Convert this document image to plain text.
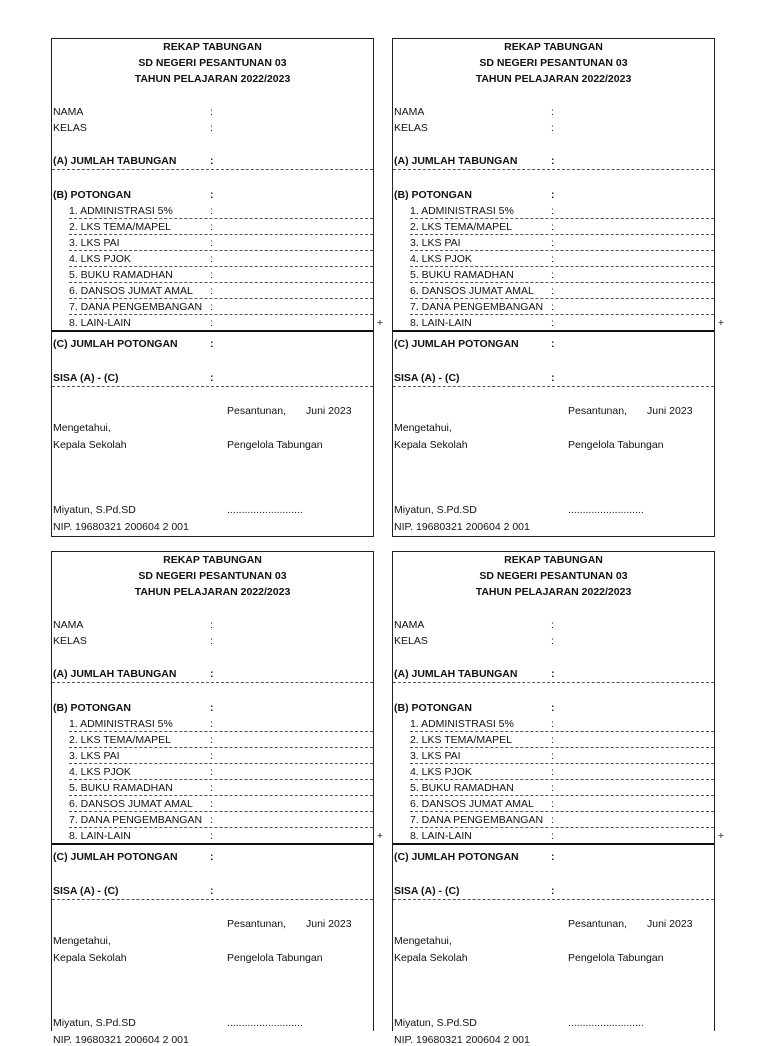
REKAP TABUNGAN
SD NEGERI PESANTUNAN 03
TAHUN PELAJARAN 2022/2023
NAMA	:
KELAS	:
(A) JUMLAH TABUNGAN	:
(B) POTONGAN	:
1. ADMINISTRASI 5%	:
2. LKS TEMA/MAPEL	:
3. LKS PAI	:
4. LKS PJOK	:
5. BUKU RAMADHAN	:
6. DANSOS JUMAT AMAL :
7. DANA PENGEMBANGAN :
8. LAIN-LAIN	:	+
(C) JUMLAH POTONGAN	:
SISA (A) - (C)	:
Pesantunan, Juni 2023
Mengetahui,
Kepala Sekolah	Pengelola Tabungan
Miyatun, S.Pd.SD	..........................
NIP. 19680321 200604 2 001
REKAP TABUNGAN
SD NEGERI PESANTUNAN 03
TAHUN PELAJARAN 2022/2023
NAMA	:
KELAS	:
(A) JUMLAH TABUNGAN	:
(B) POTONGAN	:
1. ADMINISTRASI 5%	:
2. LKS TEMA/MAPEL	:
3. LKS PAI	:
4. LKS PJOK	:
5. BUKU RAMADHAN	:
6. DANSOS JUMAT AMAL :
7. DANA PENGEMBANGAN :
8. LAIN-LAIN	:	+
(C) JUMLAH POTONGAN	:
SISA (A) - (C)	:
Pesantunan, Juni 2023
Mengetahui,
Kepala Sekolah	Pengelola Tabungan
Miyatun, S.Pd.SD	..........................
NIP. 19680321 200604 2 001
REKAP TABUNGAN
SD NEGERI PESANTUNAN 03
TAHUN PELAJARAN 2022/2023
NAMA	:
KELAS	:
(A) JUMLAH TABUNGAN	:
(B) POTONGAN	:
1. ADMINISTRASI 5%	:
2. LKS TEMA/MAPEL	:
3. LKS PAI	:
4. LKS PJOK	:
5. BUKU RAMADHAN	:
6. DANSOS JUMAT AMAL :
7. DANA PENGEMBANGAN :
8. LAIN-LAIN	:	+
(C) JUMLAH POTONGAN	:
SISA (A) - (C)	:
Pesantunan, Juni 2023
Mengetahui,
Kepala Sekolah	Pengelola Tabungan
Miyatun, S.Pd.SD	..........................
NIP. 19680321 200604 2 001
REKAP TABUNGAN
SD NEGERI PESANTUNAN 03
TAHUN PELAJARAN 2022/2023
NAMA	:
KELAS	:
(A) JUMLAH TABUNGAN	:
(B) POTONGAN	:
1. ADMINISTRASI 5%	:
2. LKS TEMA/MAPEL	:
3. LKS PAI	:
4. LKS PJOK	:
5. BUKU RAMADHAN	:
6. DANSOS JUMAT AMAL :
7. DANA PENGEMBANGAN :
8. LAIN-LAIN	:	+
(C) JUMLAH POTONGAN	:
SISA (A) - (C)	:
Pesantunan, Juni 2023
Mengetahui,
Kepala Sekolah	Pengelola Tabungan
Miyatun, S.Pd.SD	..........................
NIP. 19680321 200604 2 001
